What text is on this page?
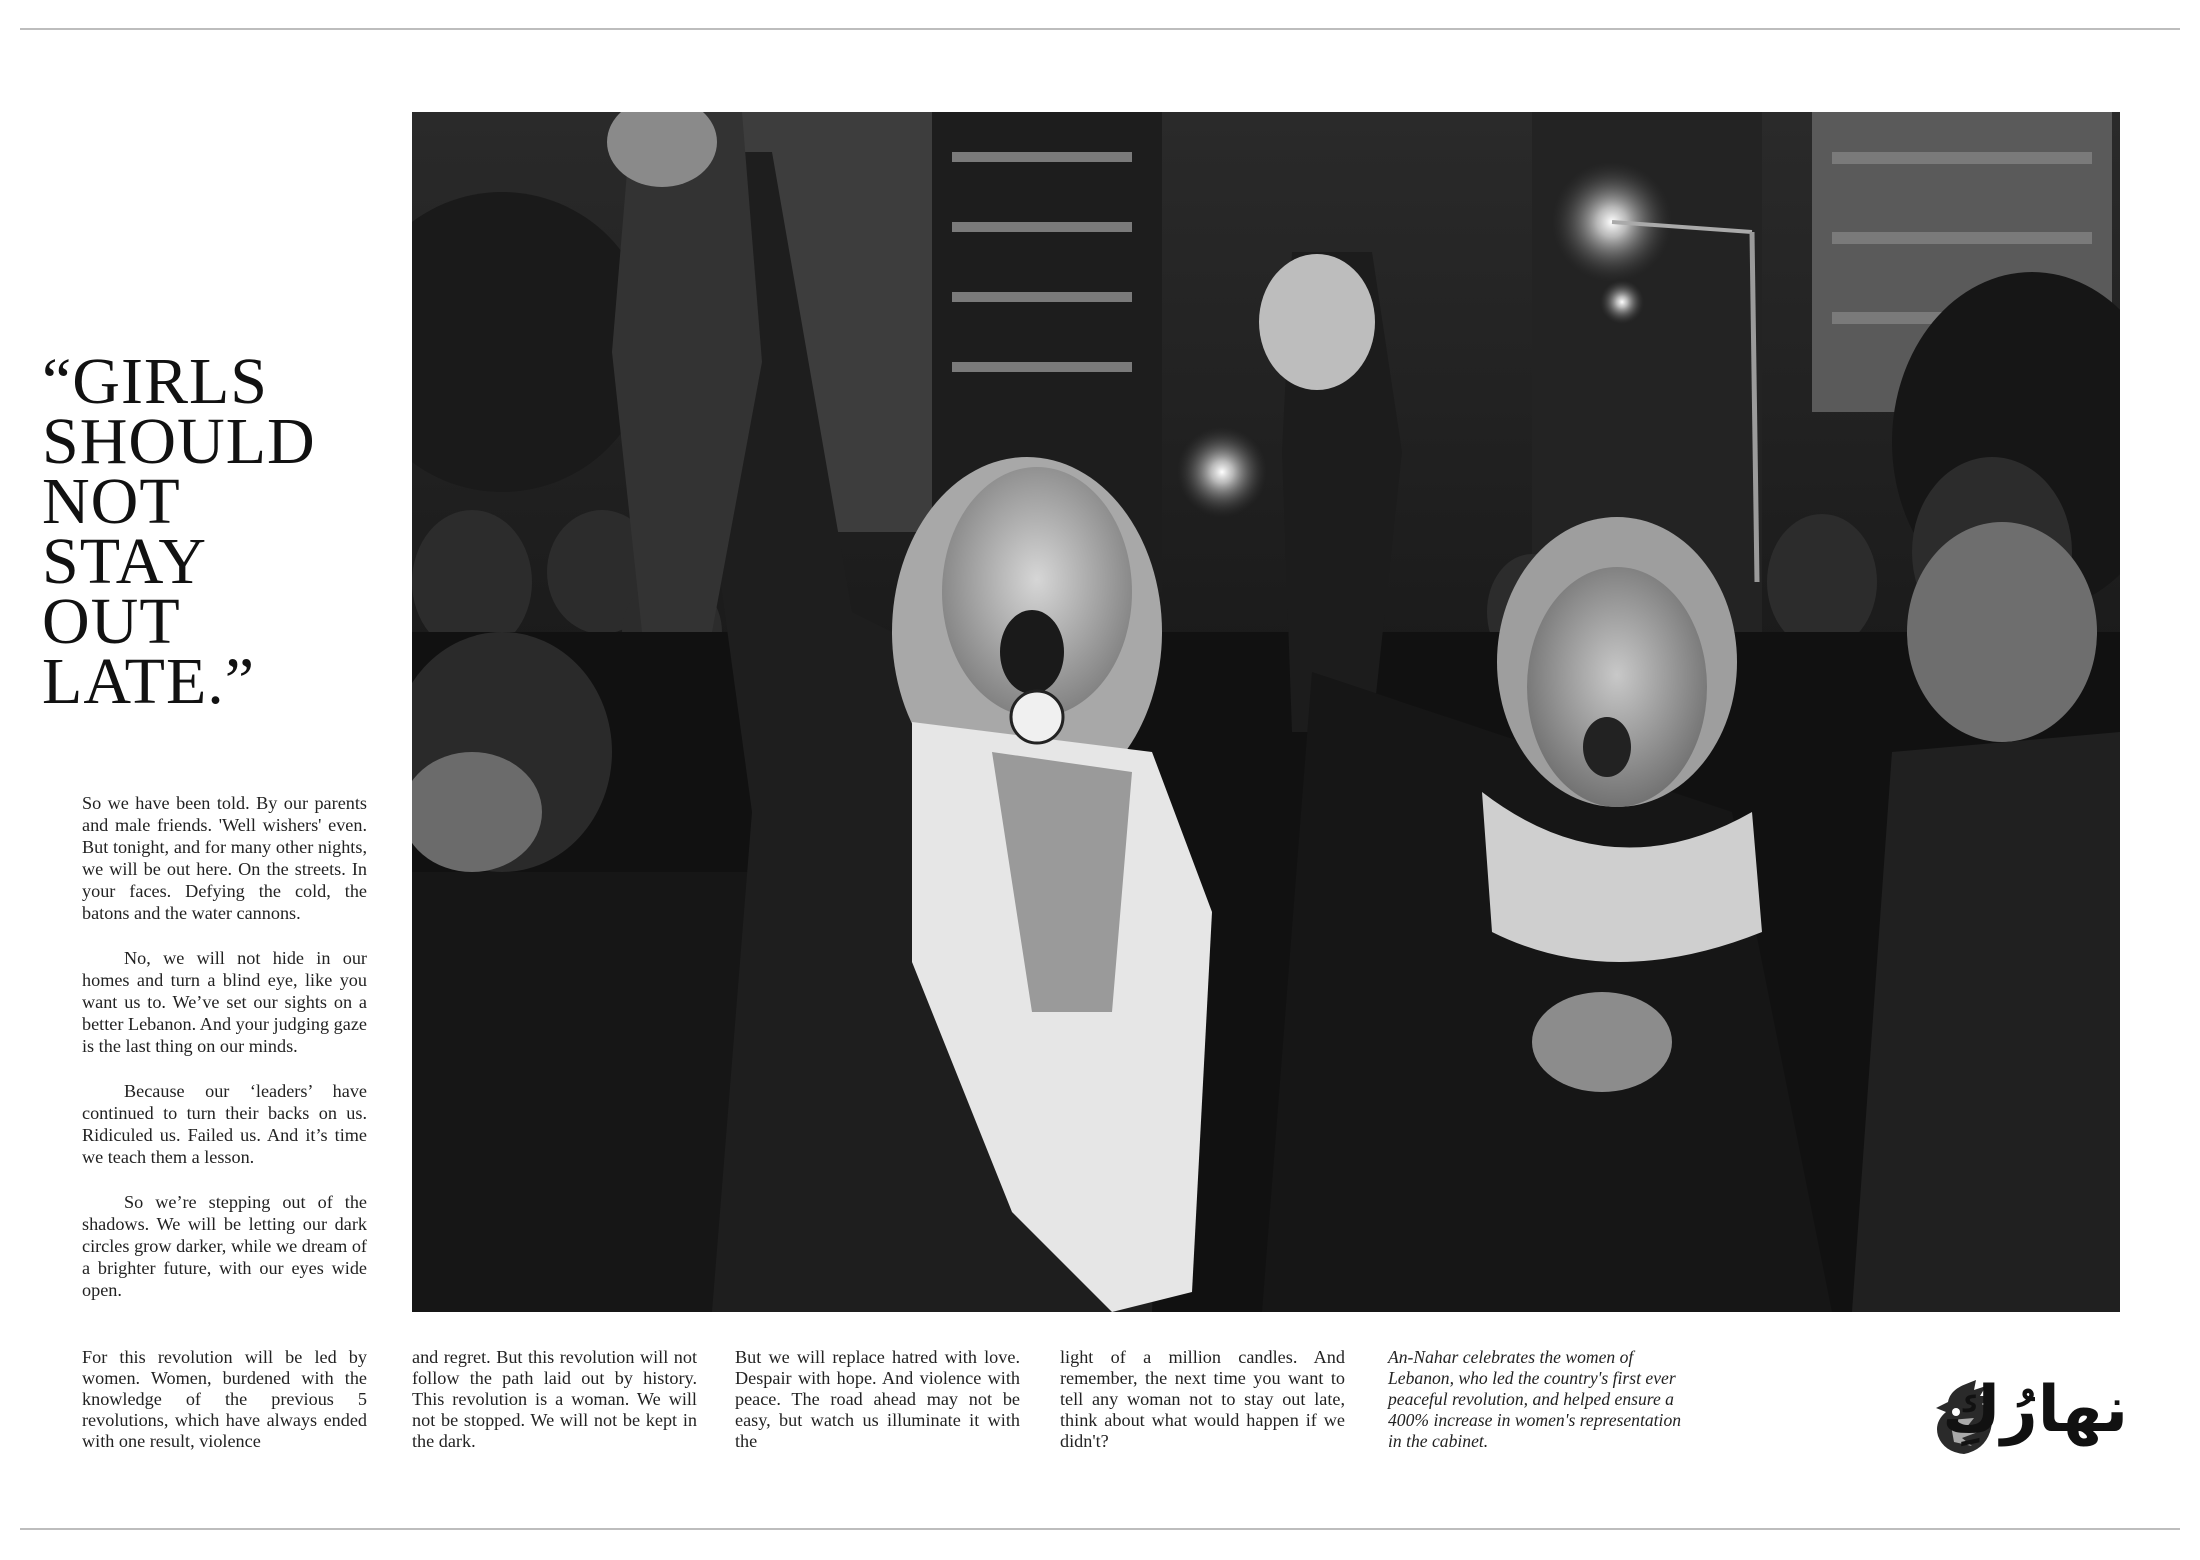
“GIRLS
SHOULD
NOT
STAY
OUT
LATE.”

So we have been told. By our parents and male friends. 'Well wishers' even. But tonight, and for many other nights, we will be out here. On the streets. In your faces. Defying the cold, the batons and the water cannons.

No, we will not hide in our homes and turn a blind eye, like you want us to. We’ve set our sights on a better Lebanon. And your judging gaze is the last thing on our minds.

Because our ‘leaders’ have continued to turn their backs on us. Ridiculed us. Failed us. And it’s time we teach them a lesson.

So we’re stepping out of the shadows. We will be letting our dark circles grow darker, while we dream of a brighter future, with our eyes wide open.

For this revolution will be led by women. Women, burdened with the knowledge of the previous 5 revolutions, which have always ended with one result, violence

and regret. But this revolution will not follow the path laid out by history. This revolution is a woman. We will not be stopped. We will not be kept in the dark.

But we will replace hatred with love. Despair with hope. And violence with peace. The road ahead may not be easy, but watch us illuminate it with the

light of a million candles. And remember, the next time you want to tell any woman not to stay out late, think about what would happen if we didn't?

An-Nahar celebrates the women of Lebanon, who led the country's first ever peaceful revolution, and helped ensure a 400% increase in women's representation in the cabinet.	نهارُكِ
